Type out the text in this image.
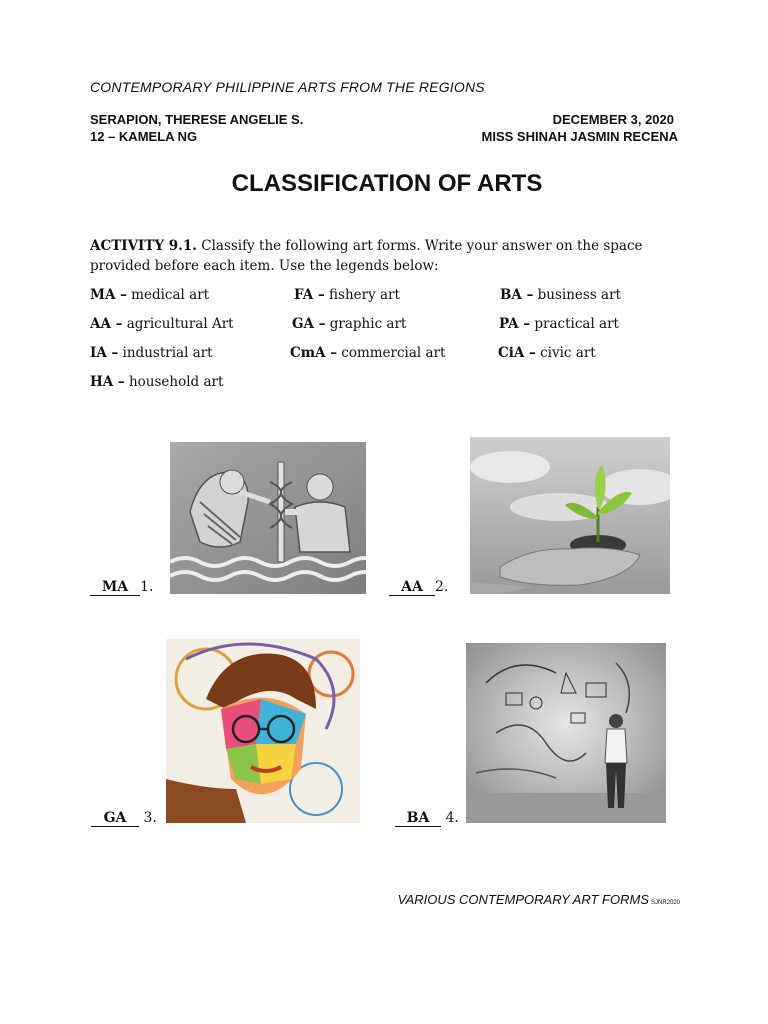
CONTEMPORARY PHILIPPINE ARTS FROM THE REGIONS
SERAPION, THERESE ANGELIE S.	DECEMBER 3, 2020
12 – KAMELA NG	MISS SHINAH JASMIN RECENA
CLASSIFICATION OF ARTS
ACTIVITY 9.1. Classify the following art forms. Write your answer on the space provided before each item. Use the legends below:
MA – medical art	FA – fishery art	BA – business art
AA – agricultural Art	GA – graphic art	PA – practical art
IA – industrial art	CmA – commercial art	CiA – civic art
HA – household art
MA 1.	AA 2.
GA 3.	BA 4.
VARIOUS CONTEMPORARY ART FORMS SJNR2020
